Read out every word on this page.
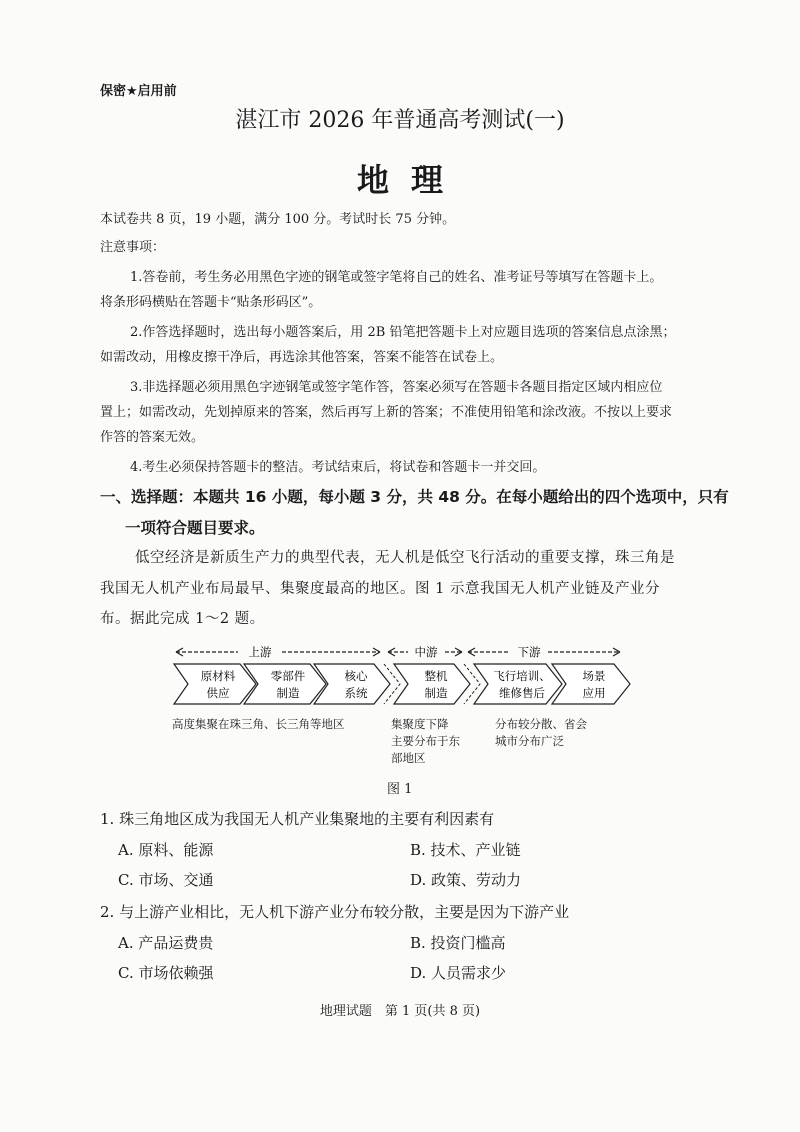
保密★启用前
湛江市 2026 年普通高考测试(一)
地理
本试卷共 8 页，19 小题，满分 100 分。考试时长 75 分钟。
注意事项：
1.答卷前，考生务必用黑色字迹的钢笔或签字笔将自己的姓名、准考证号等填写在答题卡上。
将条形码横贴在答题卡“贴条形码区”。
2.作答选择题时，选出每小题答案后，用 2B 铅笔把答题卡上对应题目选项的答案信息点涂黑；
如需改动，用橡皮擦干净后，再选涂其他答案，答案不能答在试卷上。
3.非选择题必须用黑色字迹钢笔或签字笔作答，答案必须写在答题卡各题目指定区域内相应位
置上；如需改动，先划掉原来的答案，然后再写上新的答案；不准使用铅笔和涂改液。不按以上要求
作答的答案无效。
4.考生必须保持答题卡的整洁。考试结束后，将试卷和答题卡一并交回。
一、选择题：本题共 16 小题，每小题 3 分，共 48 分。在每小题给出的四个选项中，只有
一项符合题目要求。
低空经济是新质生产力的典型代表，无人机是低空飞行活动的重要支撑，珠三角是
我国无人机产业布局最早、集聚度最高的地区。图 1 示意我国无人机产业链及产业分
布。据此完成 1～2 题。
上游	中游	下游
原材料
供应
零部件
制造
核心
系统
整机
制造
飞行培训、
维修售后
场景
应用
高度集聚在珠三角、长三角等地区	集聚度下降
主要分布于东
部地区
分布较分散、省会
城市分布广泛
图 1
1. 珠三角地区成为我国无人机产业集聚地的主要有利因素有
A. 原料、能源	B. 技术、产业链
C. 市场、交通	D. 政策、劳动力
2. 与上游产业相比，无人机下游产业分布较分散，主要是因为下游产业
A. 产品运费贵	B. 投资门槛高
C. 市场依赖强	D. 人员需求少
地理试题　第 1 页(共 8 页)
